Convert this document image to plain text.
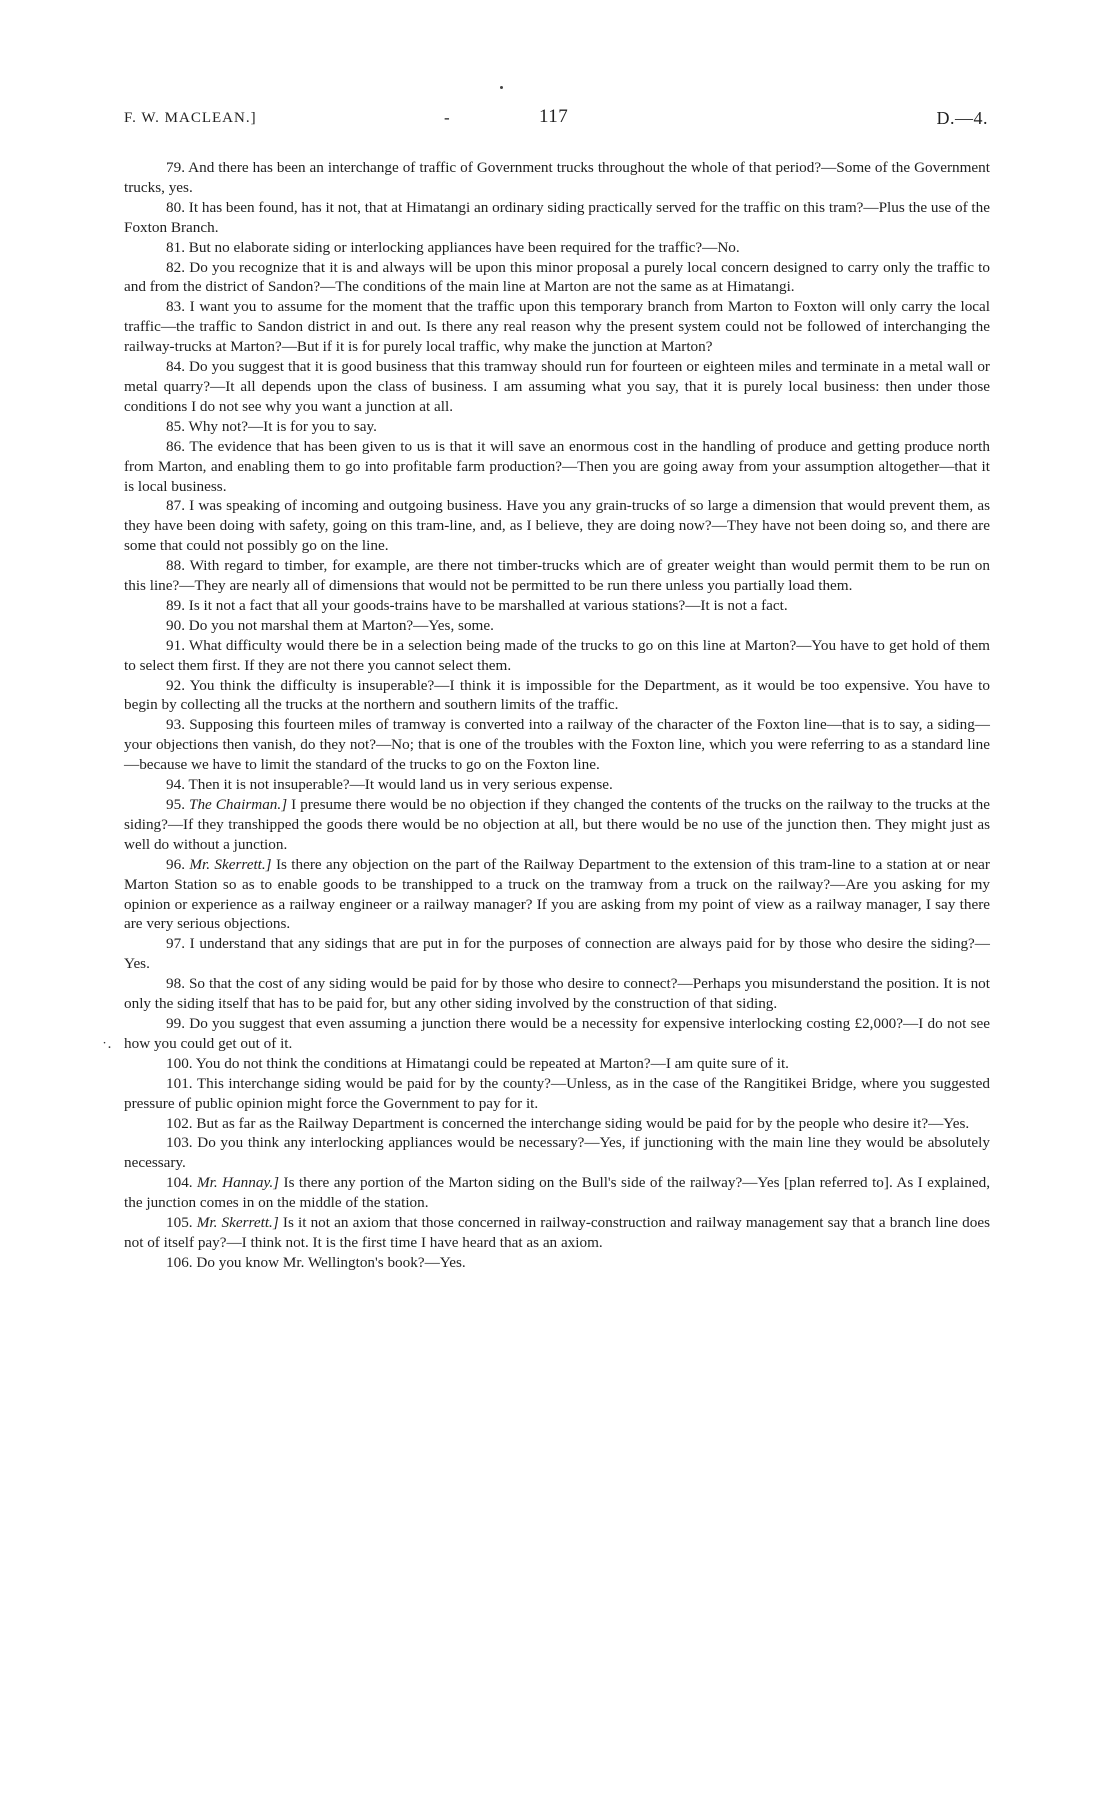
F. W. MACLEAN.]	-	117	D.—4.
˙·

79. And there has been an interchange of traffic of Government trucks throughout the whole of that period?—Some of the Government trucks, yes.

80. It has been found, has it not, that at Himatangi an ordinary siding practically served for the traffic on this tram?—Plus the use of the Foxton Branch.

81. But no elaborate siding or interlocking appliances have been required for the traffic?—No.

82. Do you recognize that it is and always will be upon this minor proposal a purely local concern designed to carry only the traffic to and from the district of Sandon?—The conditions of the main line at Marton are not the same as at Himatangi.

83. I want you to assume for the moment that the traffic upon this temporary branch from Marton to Foxton will only carry the local traffic—the traffic to Sandon district in and out. Is there any real reason why the present system could not be followed of interchanging the railway-trucks at Marton?—But if it is for purely local traffic, why make the junction at Marton?

84. Do you suggest that it is good business that this tramway should run for fourteen or eighteen miles and terminate in a metal wall or metal quarry?—It all depends upon the class of business. I am assuming what you say, that it is purely local business: then under those conditions I do not see why you want a junction at all.

85. Why not?—It is for you to say.

86. The evidence that has been given to us is that it will save an enormous cost in the handling of produce and getting produce north from Marton, and enabling them to go into profitable farm production?—Then you are going away from your assumption altogether—that it is local business.

87. I was speaking of incoming and outgoing business. Have you any grain-trucks of so large a dimension that would prevent them, as they have been doing with safety, going on this tram-line, and, as I believe, they are doing now?—They have not been doing so, and there are some that could not possibly go on the line.

88. With regard to timber, for example, are there not timber-trucks which are of greater weight than would permit them to be run on this line?—They are nearly all of dimensions that would not be permitted to be run there unless you partially load them.

89. Is it not a fact that all your goods-trains have to be marshalled at various stations?—It is not a fact.

90. Do you not marshal them at Marton?—Yes, some.

91. What difficulty would there be in a selection being made of the trucks to go on this line at Marton?—You have to get hold of them to select them first. If they are not there you cannot select them.

92. You think the difficulty is insuperable?—I think it is impossible for the Department, as it would be too expensive. You have to begin by collecting all the trucks at the northern and southern limits of the traffic.

93. Supposing this fourteen miles of tramway is converted into a railway of the character of the Foxton line—that is to say, a siding—your objections then vanish, do they not?—No; that is one of the troubles with the Foxton line, which you were referring to as a standard line—because we have to limit the standard of the trucks to go on the Foxton line.

94. Then it is not insuperable?—It would land us in very serious expense.

95. The Chairman.] I presume there would be no objection if they changed the contents of the trucks on the railway to the trucks at the siding?—If they transhipped the goods there would be no objection at all, but there would be no use of the junction then. They might just as well do without a junction.

96. Mr. Skerrett.] Is there any objection on the part of the Railway Department to the extension of this tram-line to a station at or near Marton Station so as to enable goods to be transhipped to a truck on the tramway from a truck on the railway?—Are you asking for my opinion or experience as a railway engineer or a railway manager? If you are asking from my point of view as a railway manager, I say there are very serious objections.

97. I understand that any sidings that are put in for the purposes of connection are always paid for by those who desire the siding?—Yes.

98. So that the cost of any siding would be paid for by those who desire to connect?—Perhaps you misunderstand the position. It is not only the siding itself that has to be paid for, but any other siding involved by the construction of that siding.

99. Do you suggest that even assuming a junction there would be a necessity for expensive interlocking costing £2,000?—I do not see how you could get out of it.

100. You do not think the conditions at Himatangi could be repeated at Marton?—I am quite sure of it.

101. This interchange siding would be paid for by the county?—Unless, as in the case of the Rangitikei Bridge, where you suggested pressure of public opinion might force the Government to pay for it.

102. But as far as the Railway Department is concerned the interchange siding would be paid for by the people who desire it?—Yes.

103. Do you think any interlocking appliances would be necessary?—Yes, if junctioning with the main line they would be absolutely necessary.

104. Mr. Hannay.] Is there any portion of the Marton siding on the Bull's side of the railway?—Yes [plan referred to]. As I explained, the junction comes in on the middle of the station.

105. Mr. Skerrett.] Is it not an axiom that those concerned in railway-construction and railway management say that a branch line does not of itself pay?—I think not. It is the first time I have heard that as an axiom.

106. Do you know Mr. Wellington's book?—Yes.
